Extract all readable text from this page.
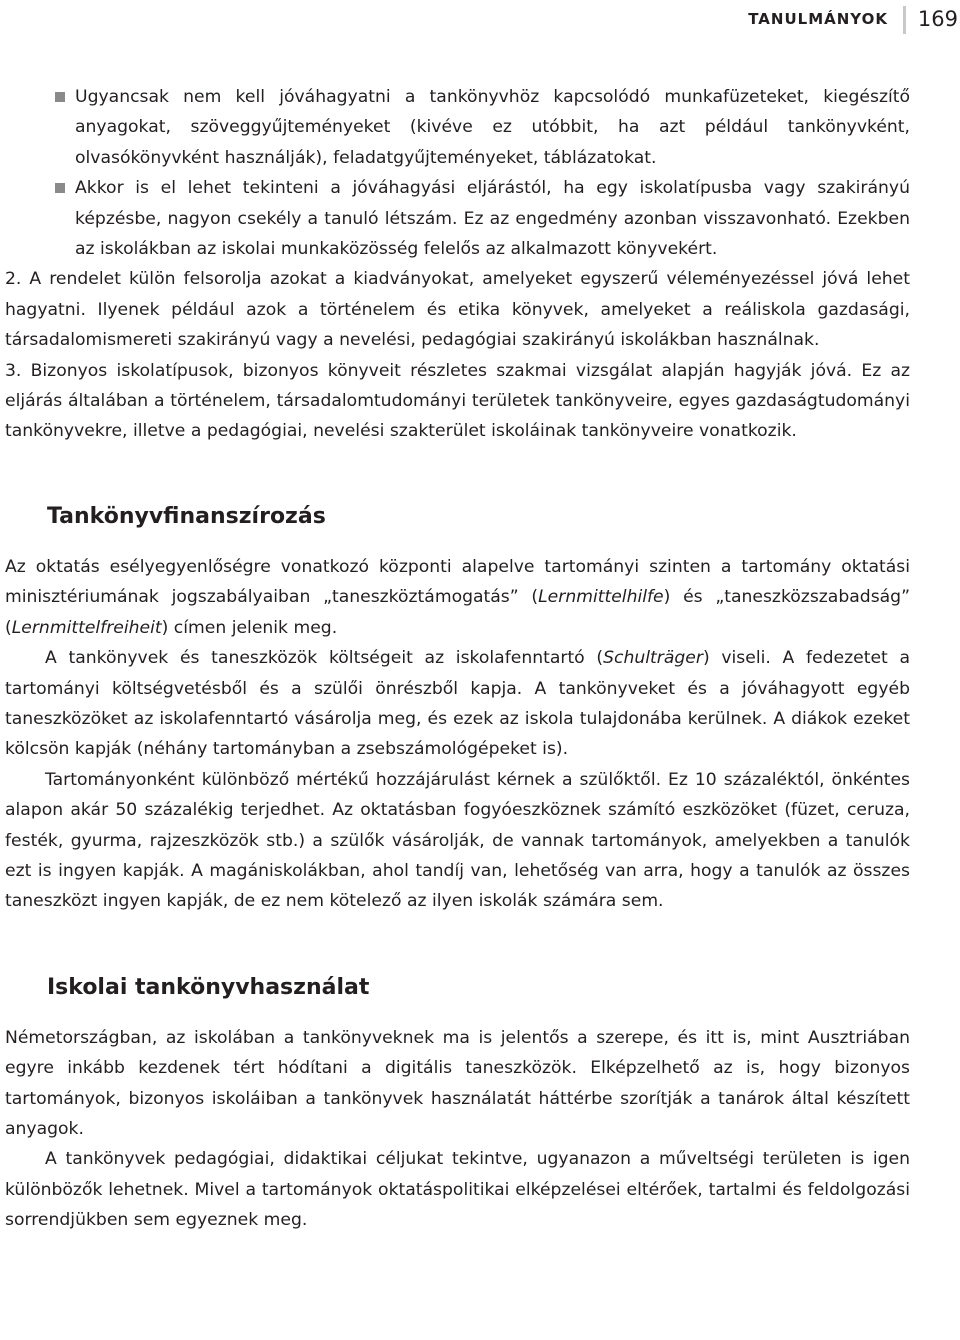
TANULMÁNYOK 169

Ugyancsak nem kell jóváhagyatni a tankönyvhöz kapcsolódó munkafüzeteket, kiegészítő anyagokat, szöveggyűjteményeket (kivéve ez utóbbit, ha azt például tankönyvként, olvasókönyvként használják), feladatgyűjteményeket, táblázatokat.

Akkor is el lehet tekinteni a jóváhagyási eljárástól, ha egy iskolatípusba vagy szakirányú képzésbe, nagyon csekély a tanuló létszám. Ez az engedmény azonban visszavonható. Ezekben az iskolákban az iskolai munkaközösség felelős az alkalmazott könyvekért.

2. A rendelet külön felsorolja azokat a kiadványokat, amelyeket egyszerű véleményezéssel jóvá lehet hagyatni. Ilyenek például azok a történelem és etika könyvek, amelyeket a reáliskola gazdasági, társadalomismereti szakirányú vagy a nevelési, pedagógiai szakirányú iskolákban használnak.

3. Bizonyos iskolatípusok, bizonyos könyveit részletes szakmai vizsgálat alapján hagyják jóvá. Ez az eljárás általában a történelem, társadalomtudományi területek tankönyveire, egyes gazdaságtudományi tankönyvekre, illetve a pedagógiai, nevelési szakterület iskoláinak tankönyveire vonatkozik.

Tankönyvfinanszírozás

Az oktatás esélyegyenlőségre vonatkozó központi alapelve tartományi szinten a tartomány oktatási minisztériumának jogszabályaiban „taneszköztámogatás” (Lernmittelhilfe) és „taneszközszabadság” (Lernmittelfreiheit) címen jelenik meg.

A tankönyvek és taneszközök költségeit az iskolafenntartó (Schulträger) viseli. A fedezetet a tartományi költségvetésből és a szülői önrészből kapja. A tankönyveket és a jóváhagyott egyéb taneszközöket az iskolafenntartó vásárolja meg, és ezek az iskola tulajdonába kerülnek. A diákok ezeket kölcsön kapják (néhány tartományban a zsebszámológépeket is).

Tartományonként különböző mértékű hozzájárulást kérnek a szülőktől. Ez 10 százaléktól, önkéntes alapon akár 50 százalékig terjedhet. Az oktatásban fogyóeszköznek számító eszközöket (füzet, ceruza, festék, gyurma, rajzeszközök stb.) a szülők vásárolják, de vannak tartományok, amelyekben a tanulók ezt is ingyen kapják. A magániskolákban, ahol tandíj van, lehetőség van arra, hogy a tanulók az összes taneszközt ingyen kapják, de ez nem kötelező az ilyen iskolák számára sem.

Iskolai tankönyvhasználat

Németországban, az iskolában a tankönyveknek ma is jelentős a szerepe, és itt is, mint Ausztriában egyre inkább kezdenek tért hódítani a digitális taneszközök. Elképzelhető az is, hogy bizonyos tartományok, bizonyos iskoláiban a tankönyvek használatát háttérbe szorítják a tanárok által készített anyagok.

A tankönyvek pedagógiai, didaktikai céljukat tekintve, ugyanazon a műveltségi területen is igen különbözők lehetnek. Mivel a tartományok oktatáspolitikai elképzelései eltérőek, tartalmi és feldolgozási sorrendjükben sem egyeznek meg.
